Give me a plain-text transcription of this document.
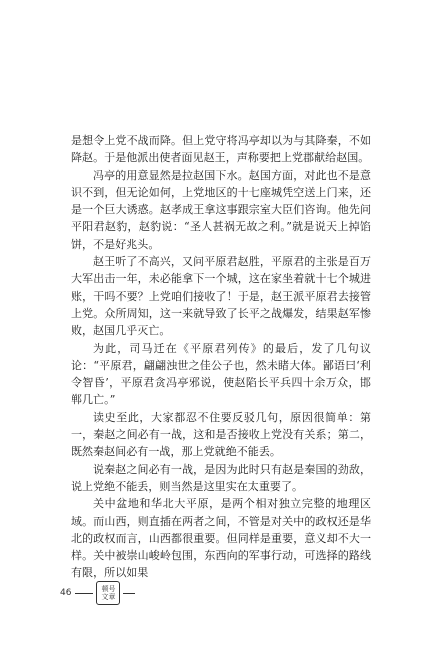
是想令上党不战而降。但上党守将冯亭却以为与其降秦，不如降赵。于是他派出使者面见赵王，声称要把上党郡献给赵国。

冯亭的用意显然是拉赵国下水。赵国方面，对此也不是意识不到，但无论如何，上党地区的十七座城凭空送上门来，还是一个巨大诱惑。赵孝成王拿这事跟宗室大臣们咨询。他先问平阳君赵豹，赵豹说：“圣人甚祸无故之利。”就是说天上掉馅饼，不是好兆头。

赵王听了不高兴，又问平原君赵胜，平原君的主张是百万大军出击一年，未必能拿下一个城，这在家坐着就十七个城进账，干吗不要？上党咱们接收了！于是，赵王派平原君去接管上党。众所周知，这一来就导致了长平之战爆发，结果赵军惨败，赵国几乎灭亡。

为此，司马迁在《平原君列传》的最后，发了几句议论：“平原君，翩翩浊世之佳公子也，然未睹大体。鄙语曰‘利令智昏’，平原君贪冯亭邪说，使赵陷长平兵四十余万众，邯郸几亡。”

读史至此，大家都忍不住要反驳几句，原因很简单：第一，秦赵之间必有一战，这和是否接收上党没有关系；第二，既然秦赵间必有一战，那上党就绝不能丢。

说秦赵之间必有一战，是因为此时只有赵是秦国的劲敌，说上党绝不能丢，则当然是这里实在太重要了。

关中盆地和华北大平原，是两个相对独立完整的地理区域。而山西，则直插在两者之间，不管是对关中的政权还是华北的政权而言，山西都很重要。但同样是重要，意义却不大一样。关中被崇山峻岭包围，东西向的军事行动，可选择的路线有限，所以如果

46	顿号
文章
